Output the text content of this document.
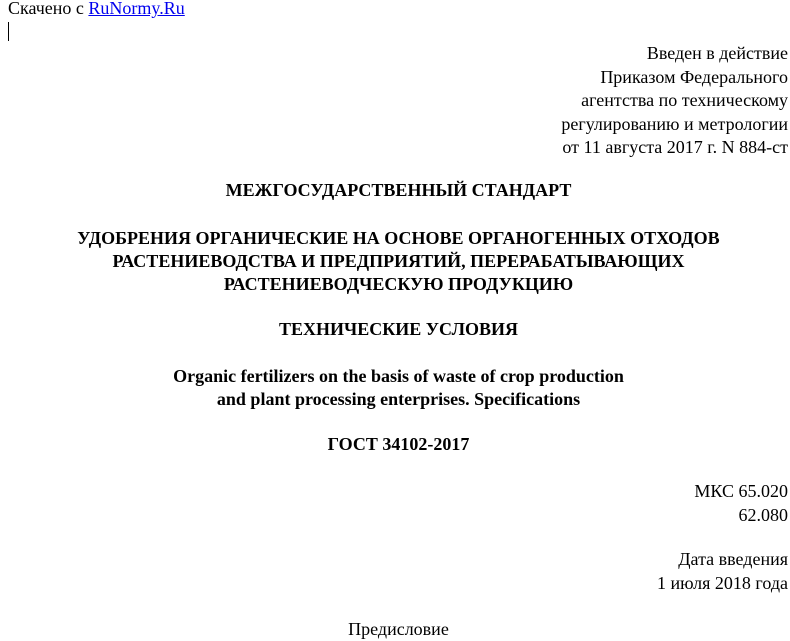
Скачено с RuNormy.Ru
Введен в действие
Приказом Федерального
агентства по техническому
регулированию и метрологии
от 11 августа 2017 г. N 884-ст
МЕЖГОСУДАРСТВЕННЫЙ СТАНДАРТ
УДОБРЕНИЯ ОРГАНИЧЕСКИЕ НА ОСНОВЕ ОРГАНОГЕННЫХ ОТХОДОВ
РАСТЕНИЕВОДСТВА И ПРЕДПРИЯТИЙ, ПЕРЕРАБАТЫВАЮЩИХ
РАСТЕНИЕВОДЧЕСКУЮ ПРОДУКЦИЮ
ТЕХНИЧЕСКИЕ УСЛОВИЯ
Organic fertilizers on the basis of waste of crop production
and plant processing enterprises. Specifications
ГОСТ 34102-2017
МКС 65.020
62.080
Дата введения
1 июля 2018 года
Предисловие
